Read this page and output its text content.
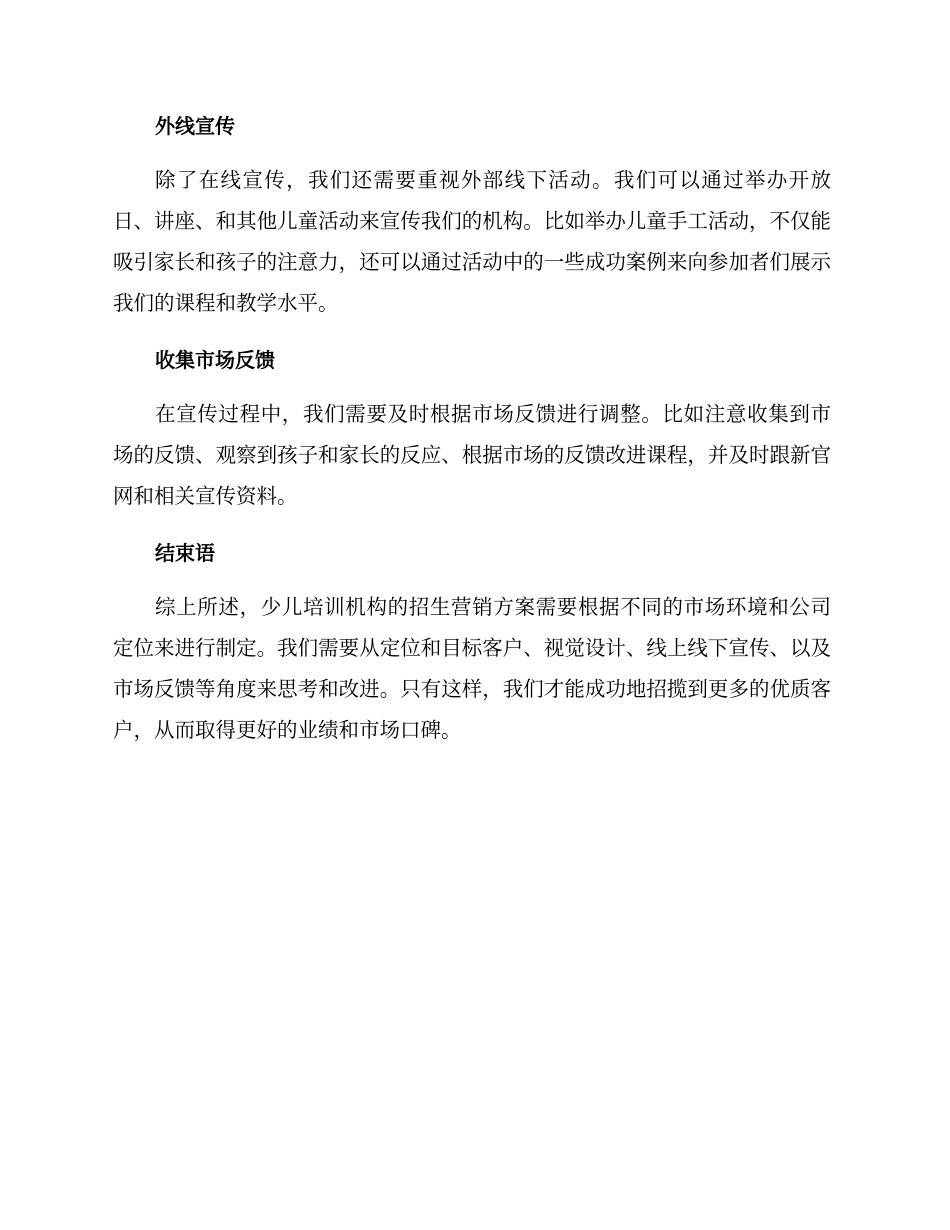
外线宣传

除了在线宣传，我们还需要重视外部线下活动。我们可以通过举办开放日、讲座、和其他儿童活动来宣传我们的机构。比如举办儿童手工活动，不仅能吸引家长和孩子的注意力，还可以通过活动中的一些成功案例来向参加者们展示我们的课程和教学水平。

收集市场反馈

在宣传过程中，我们需要及时根据市场反馈进行调整。比如注意收集到市场的反馈、观察到孩子和家长的反应、根据市场的反馈改进课程，并及时跟新官网和相关宣传资料。

结束语

综上所述，少儿培训机构的招生营销方案需要根据不同的市场环境和公司定位来进行制定。我们需要从定位和目标客户、视觉设计、线上线下宣传、以及市场反馈等角度来思考和改进。只有这样，我们才能成功地招揽到更多的优质客户，从而取得更好的业绩和市场口碑。
